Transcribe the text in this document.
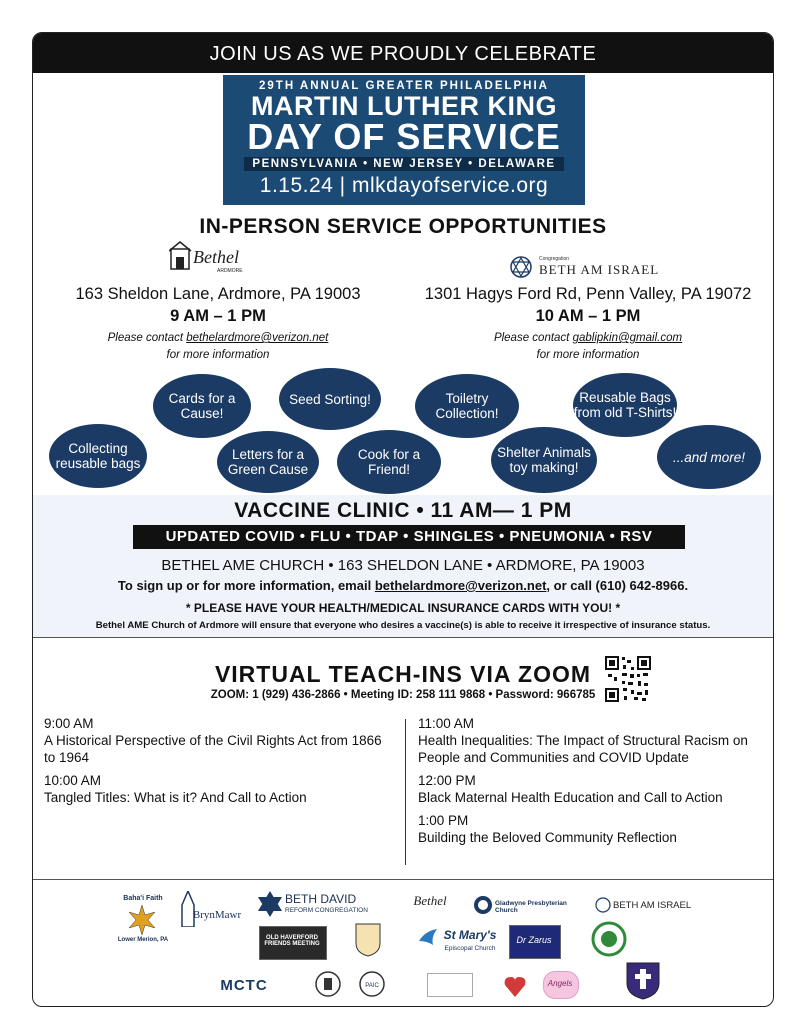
JOIN US AS WE PROUDLY CELEBRATE
29TH ANNUAL GREATER PHILADELPHIA
MARTIN LUTHER KING
DAY OF SERVICE
PENNSYLVANIA • NEW JERSEY • DELAWARE
1.15.24 | mlkdayofservice.org
IN-PERSON SERVICE OPPORTUNITIES
Bethel
ARDMORE
Congregation
BETH AM ISRAEL
163 Sheldon Lane, Ardmore, PA 19003
9 AM – 1 PM
Please contact bethelardmore@verizon.net
for more information
1301 Hagys Ford Rd, Penn Valley, PA 19072
10 AM – 1 PM
Please contact gablipkin@gmail.com
for more information
Collecting reusable bags
Cards for a Cause!
Letters for a Green Cause
Seed Sorting!
Cook for a Friend!
Toiletry Collection!
Shelter Animals toy making!
Reusable Bags from old T-Shirts!
...and more!
VACCINE CLINIC • 11 AM— 1 PM
UPDATED COVID • FLU • TDAP • SHINGLES • PNEUMONIA • RSV
BETHEL AME CHURCH • 163 SHELDON LANE • ARDMORE, PA 19003
To sign up or for more information, email bethelardmore@verizon.net, or call (610) 642-8966.
* PLEASE HAVE YOUR HEALTH/MEDICAL INSURANCE CARDS WITH YOU! *
Bethel AME Church of Ardmore will ensure that everyone who desires a vaccine(s) is able to receive it irrespective of insurance status.
VIRTUAL TEACH-INS VIA ZOOM
ZOOM: 1 (929) 436-2866 • Meeting ID: 258 111 9868 • Password: 966785
9:00 AM
A Historical Perspective of the Civil Rights Act from 1866 to 1964
10:00 AM
Tangled Titles: What is it? And Call to Action
11:00 AM
Health Inequalities: The Impact of Structural Racism on People and Communities and COVID Update
12:00 PM
Black Maternal Health Education and Call to Action
1:00 PM
Building the Beloved Community Reflection
Baha'i Faith
Lower Merion, PA
BrynMawr
BETH DAVID
REFORM CONGREGATION
Bethel	Gladwyne Presbyterian Church	BETH AM ISRAEL
OLD HAVERFORD FRIENDS MEETING
St Mary's
Episcopal Church
Dr Zarus
MCTC	PAIC	Angels
